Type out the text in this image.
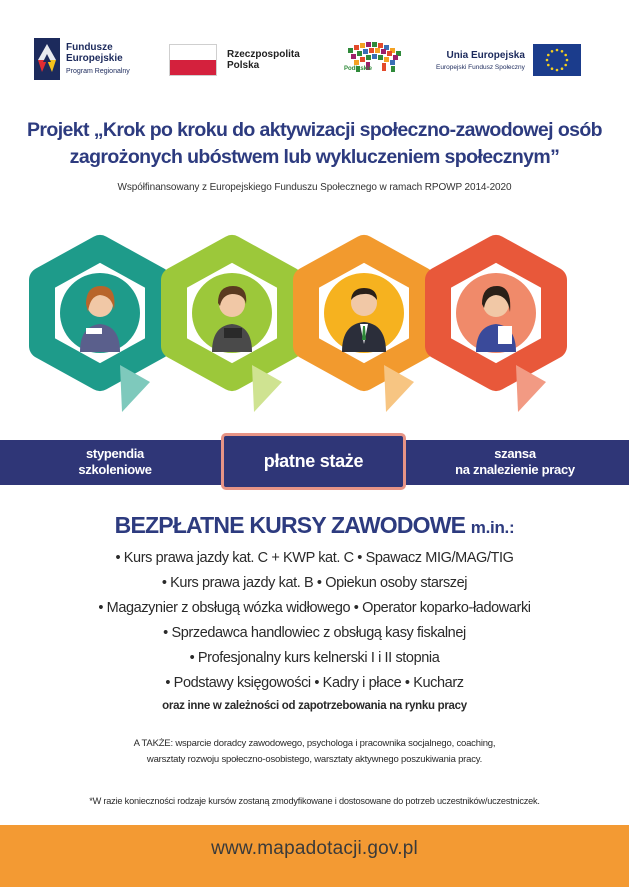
Fundusze
Europejskie
Program Regionalny
Rzeczpospolita
Polska	Podlaskie
Unia Europejska
Europejski Fundusz Społeczny
Projekt „Krok po kroku do aktywizacji społeczno-zawodowej osób
zagrożonych ubóstwem lub wykluczeniem społecznym”
Współfinansowany z Europejskiego Funduszu Społecznego w ramach RPOWP 2014-2020
stypendia
szkoleniowe
szansa
na znalezienie pracy
płatne staże
BEZPŁATNE KURSY ZAWODOWE m.in.:
• Kurs prawa jazdy kat. C + KWP kat. C • Spawacz MIG/MAG/TIG
• Kurs prawa jazdy kat. B • Opiekun osoby starszej
• Magazynier z obsługą wózka widłowego • Operator koparko-ładowarki
• Sprzedawca handlowiec z obsługą kasy fiskalnej
• Profesjonalny kurs kelnerski I i II stopnia
• Podstawy księgowości • Kadry i płace • Kucharz
oraz inne w zależności od zapotrzebowania na rynku pracy
A TAKŻE: wsparcie doradcy zawodowego, psychologa i pracownika socjalnego, coaching,
warsztaty rozwoju społeczno-osobistego, warsztaty aktywnego poszukiwania pracy.
*W razie konieczności rodzaje kursów zostaną zmodyfikowane i dostosowane do potrzeb uczestników/uczestniczek.
www.mapadotacji.gov.pl
